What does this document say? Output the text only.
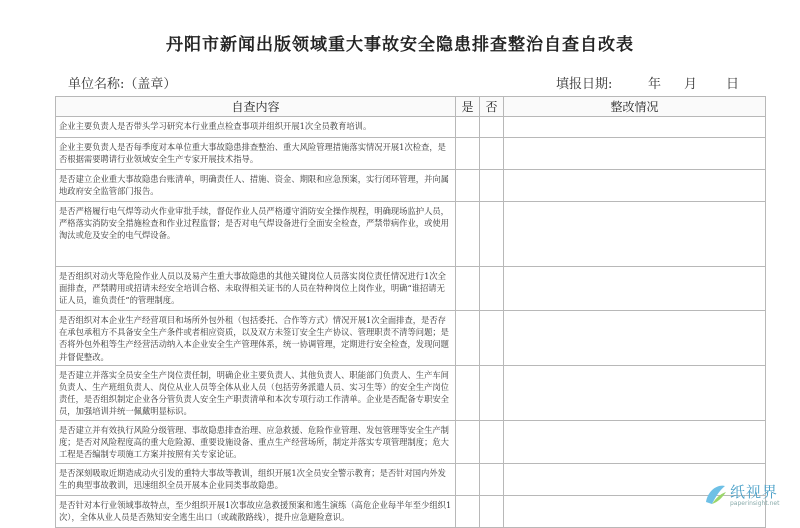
丹阳市新闻出版领域重大事故安全隐患排查整治自查自改表
单位名称:（盖章）	填报日期:	年 月 日
自查内容	是	否	整改情况
企业主要负责人是否带头学习研究本行业重点检查事项并组织开展1次全员教育培训。			
企业主要负责人是否每季度对本单位重大事故隐患排查整治、重大风险管理措施落实情况开展1次检查，是否根据需要聘请行业领域安全生产专家开展技术指导。			
是否建立企业重大事故隐患台账清单，明确责任人、措施、资金、期限和应急预案，实行闭环管理，并向属地政府安全监管部门报告。			
是否严格履行电气焊等动火作业审批手续，督促作业人员严格遵守消防安全操作规程，明确现场监护人员，严格落实消防安全措施检查和作业过程监督；是否对电气焊设备进行全面安全检查，严禁带病作业，或使用淘汰或危及安全的电气焊设备。			
是否组织对动火等危险作业人员以及易产生重大事故隐患的其他关键岗位人员落实岗位责任情况进行1次全面排查，严禁聘用或招请未经安全培训合格、未取得相关证书的人员在特种岗位上岗作业，明确“谁招请无证人员，谁负责任”的管理制度。			
是否组织对本企业生产经营项目和场所外包外租（包括委托、合作等方式）情况开展1次全面排查，是否存在承包承租方不具备安全生产条件或者相应资质，以及双方未签订安全生产协议、管理职责不清等问题；是否将外包外租等生产经营活动纳入本企业安全生产管理体系，统一协调管理，定期进行安全检查，发现问题并督促整改。			
是否建立并落实全员安全生产岗位责任制，明确企业主要负责人、其他负责人、职能部门负责人、生产车间负责人、生产班组负责人、岗位从业人员等全体从业人员（包括劳务派遣人员、实习生等）的安全生产岗位责任，是否组织制定企业各分管负责人安全生产职责清单和本次专项行动工作清单。企业是否配备专职安全员，加强培训并统一佩戴明显标识。			
是否建立并有效执行风险分级管理、事故隐患排查治理、应急救援、危险作业管理、发包管理等安全生产制度；是否对风险程度高的重大危险源、重要设施设备、重点生产经营场所，制定并落实专项管理制度；危大工程是否编制专项施工方案并按照有关专家论证。			
是否深刻吸取近期造成动火引发的重特大事故等教训，组织开展1次全员安全警示教育；是否针对国内外发生的典型事故教训，迅速组织全员开展本企业同类事故隐患。			
是否针对本行业领域事故特点，至少组织开展1次事故应急救援预案和逃生演练（高危企业每半年至少组织1次），全体从业人员是否熟知安全逃生出口（或疏散路线），提升应急避险意识。			
纸视界
paperinsight.net
